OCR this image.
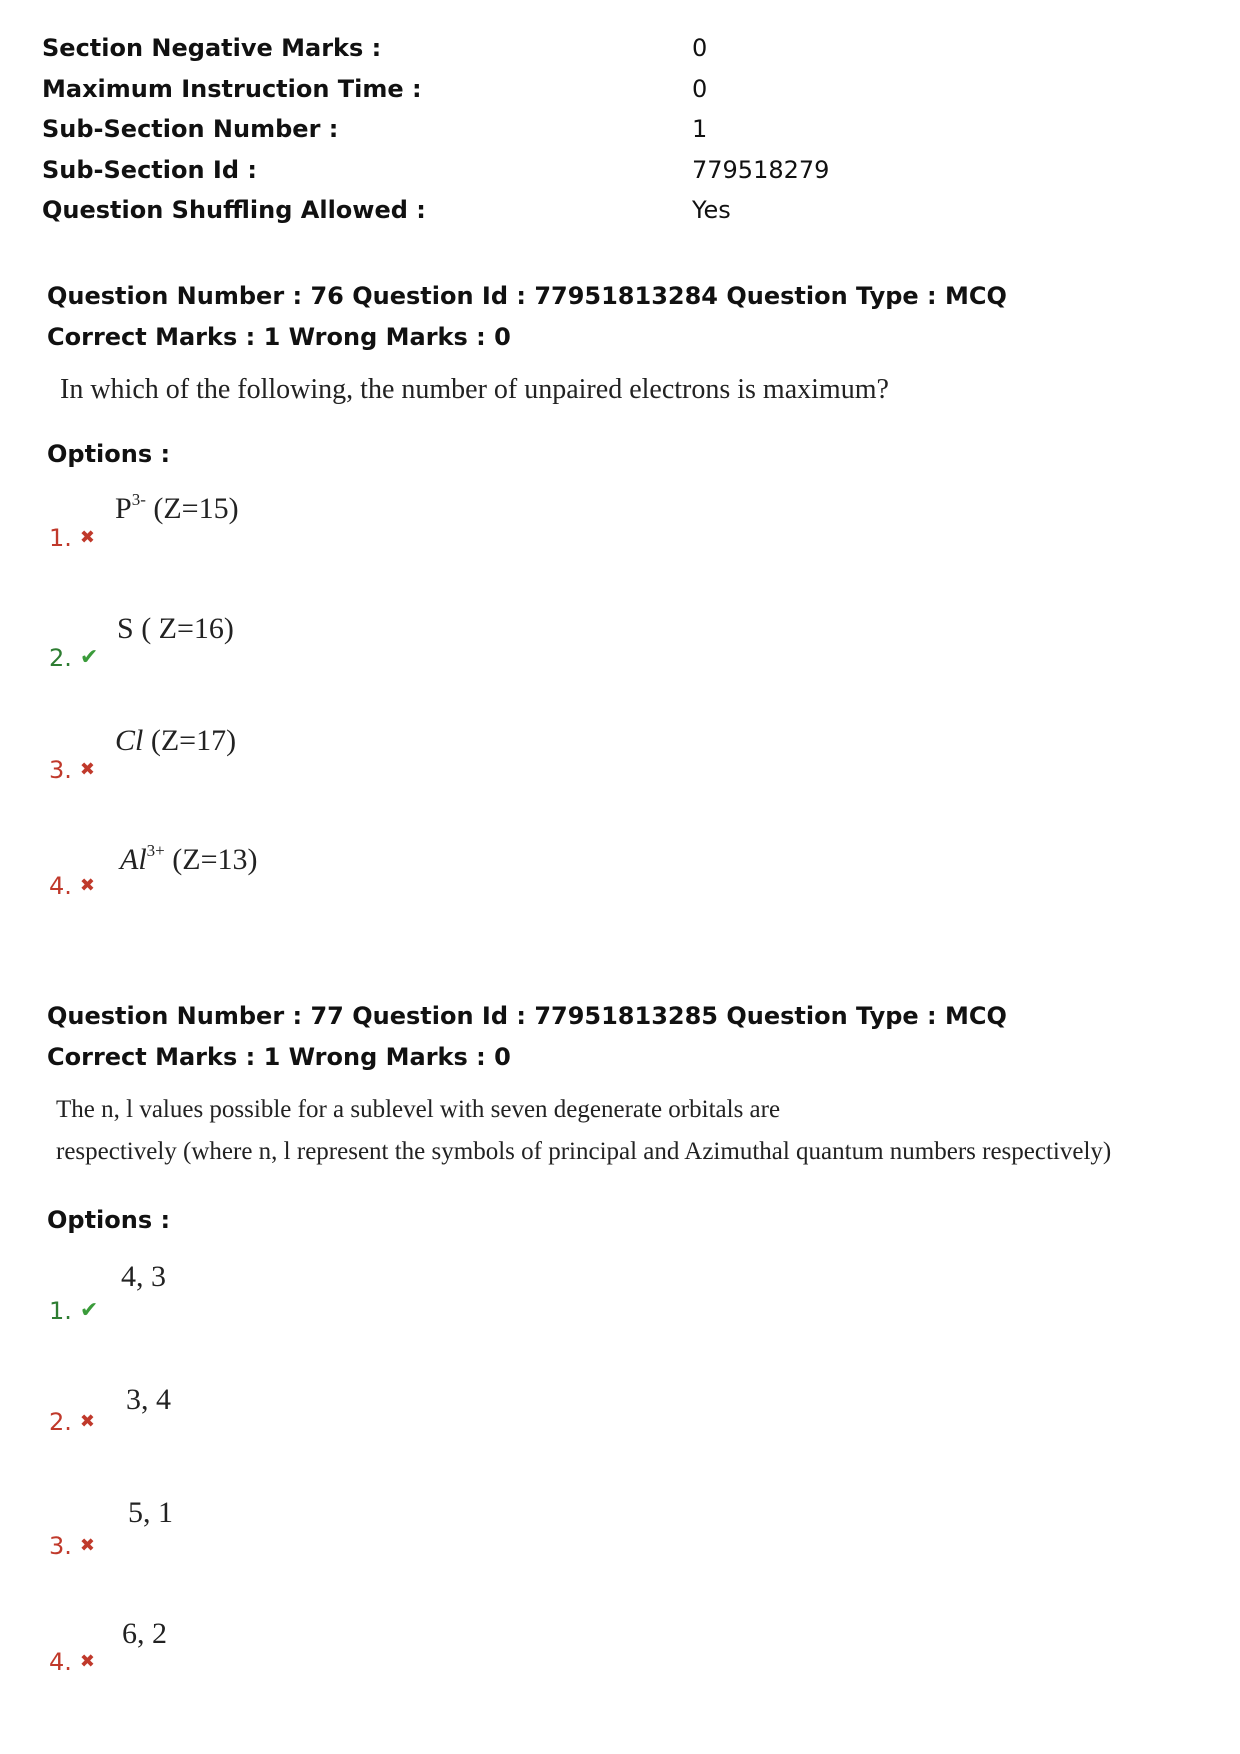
Section Negative Marks :	0
Maximum Instruction Time :	0
Sub-Section Number :	1
Sub-Section Id :	779518279
Question Shuffling Allowed :	Yes
Question Number : 76 Question Id : 77951813284 Question Type : MCQ
Correct Marks : 1 Wrong Marks : 0
In which of the following, the number of unpaired electrons is maximum?
Options :
$P^{3-}$ (Z=15)
1. ✖
S ( Z=16)
2. ✔
Cl (Z=17)
3. ✖
$Al^{3+}$ (Z=13)
4. ✖
Question Number : 77 Question Id : 77951813285 Question Type : MCQ
Correct Marks : 1 Wrong Marks : 0
The n, l values possible for a sublevel with seven degenerate orbitals are
respectively (where n, l represent the symbols of principal and Azimuthal quantum numbers respectively)
Options :
4, 3
1. ✔
3, 4
2. ✖
5, 1
3. ✖
6, 2
4. ✖
